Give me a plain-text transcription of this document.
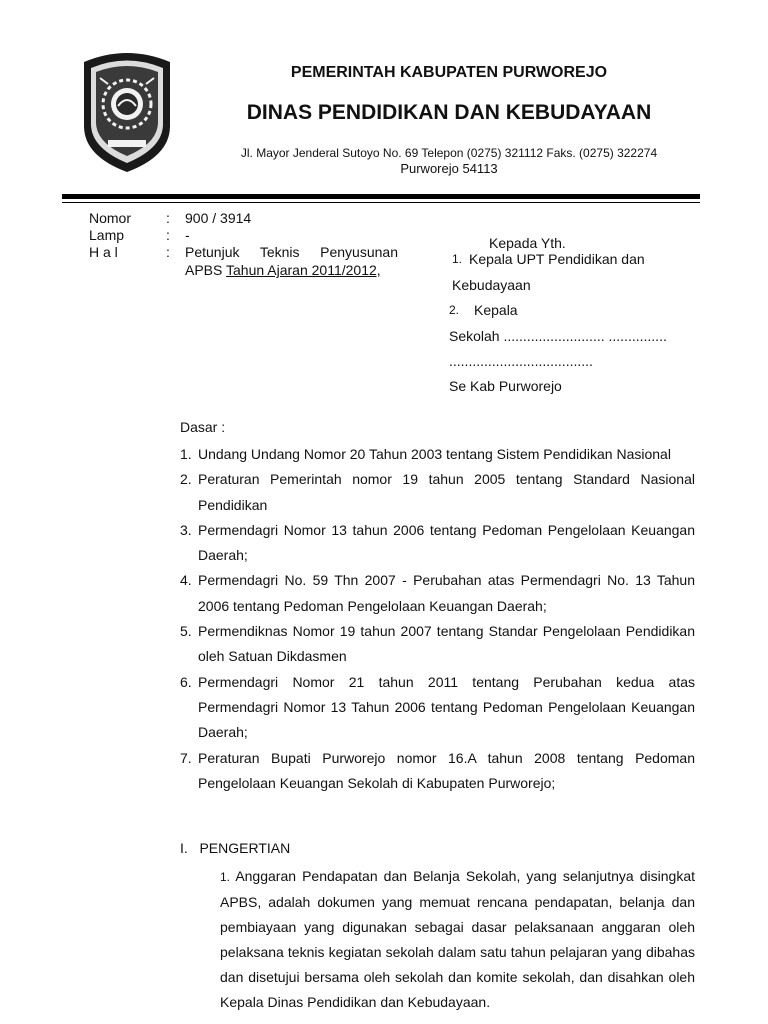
PEMERINTAH KABUPATEN PURWOREJO
DINAS PENDIDIKAN DAN KEBUDAYAAN
Jl. Mayor Jenderal Sutoyo No. 69 Telepon (0275) 321112 Faks. (0275) 322274
Purworejo 54113
Nomor : 900 / 3914
Lamp	: -
H a l	: Petunjuk Teknis Penyusunan APBS Tahun Ajaran 2011/2012,
Kepada Yth.
1. Kepala UPT Pendidikan dan
Kebudayaan
2. Kepala
Sekolah .......................... ...............
.....................................
Se Kab Purworejo
Dasar :
1. Undang Undang Nomor 20 Tahun 2003 tentang Sistem Pendidikan Nasional
2. Peraturan Pemerintah nomor 19 tahun 2005 tentang Standard Nasional Pendidikan
3. Permendagri Nomor 13 tahun 2006 tentang Pedoman Pengelolaan Keuangan Daerah;
4. Permendagri No. 59 Thn 2007 - Perubahan atas Permendagri No. 13 Tahun 2006 tentang Pedoman Pengelolaan Keuangan Daerah;
5. Permendiknas Nomor 19 tahun 2007 tentang Standar Pengelolaan Pendidikan oleh Satuan Dikdasmen
6. Permendagri Nomor 21 tahun 2011 tentang Perubahan kedua atas Permendagri Nomor 13 Tahun 2006 tentang Pedoman Pengelolaan Keuangan Daerah;
7. Peraturan Bupati Purworejo nomor 16.A tahun 2008 tentang Pedoman Pengelolaan Keuangan Sekolah di Kabupaten Purworejo;
I.   PENGERTIAN
1. Anggaran Pendapatan dan Belanja Sekolah, yang selanjutnya disingkat APBS, adalah dokumen yang memuat rencana pendapatan, belanja dan pembiayaan yang digunakan sebagai dasar pelaksanaan anggaran oleh pelaksana teknis kegiatan sekolah dalam satu tahun pelajaran yang dibahas dan disetujui bersama oleh sekolah dan komite sekolah, dan disahkan oleh Kepala Dinas Pendidikan dan Kebudayaan.
